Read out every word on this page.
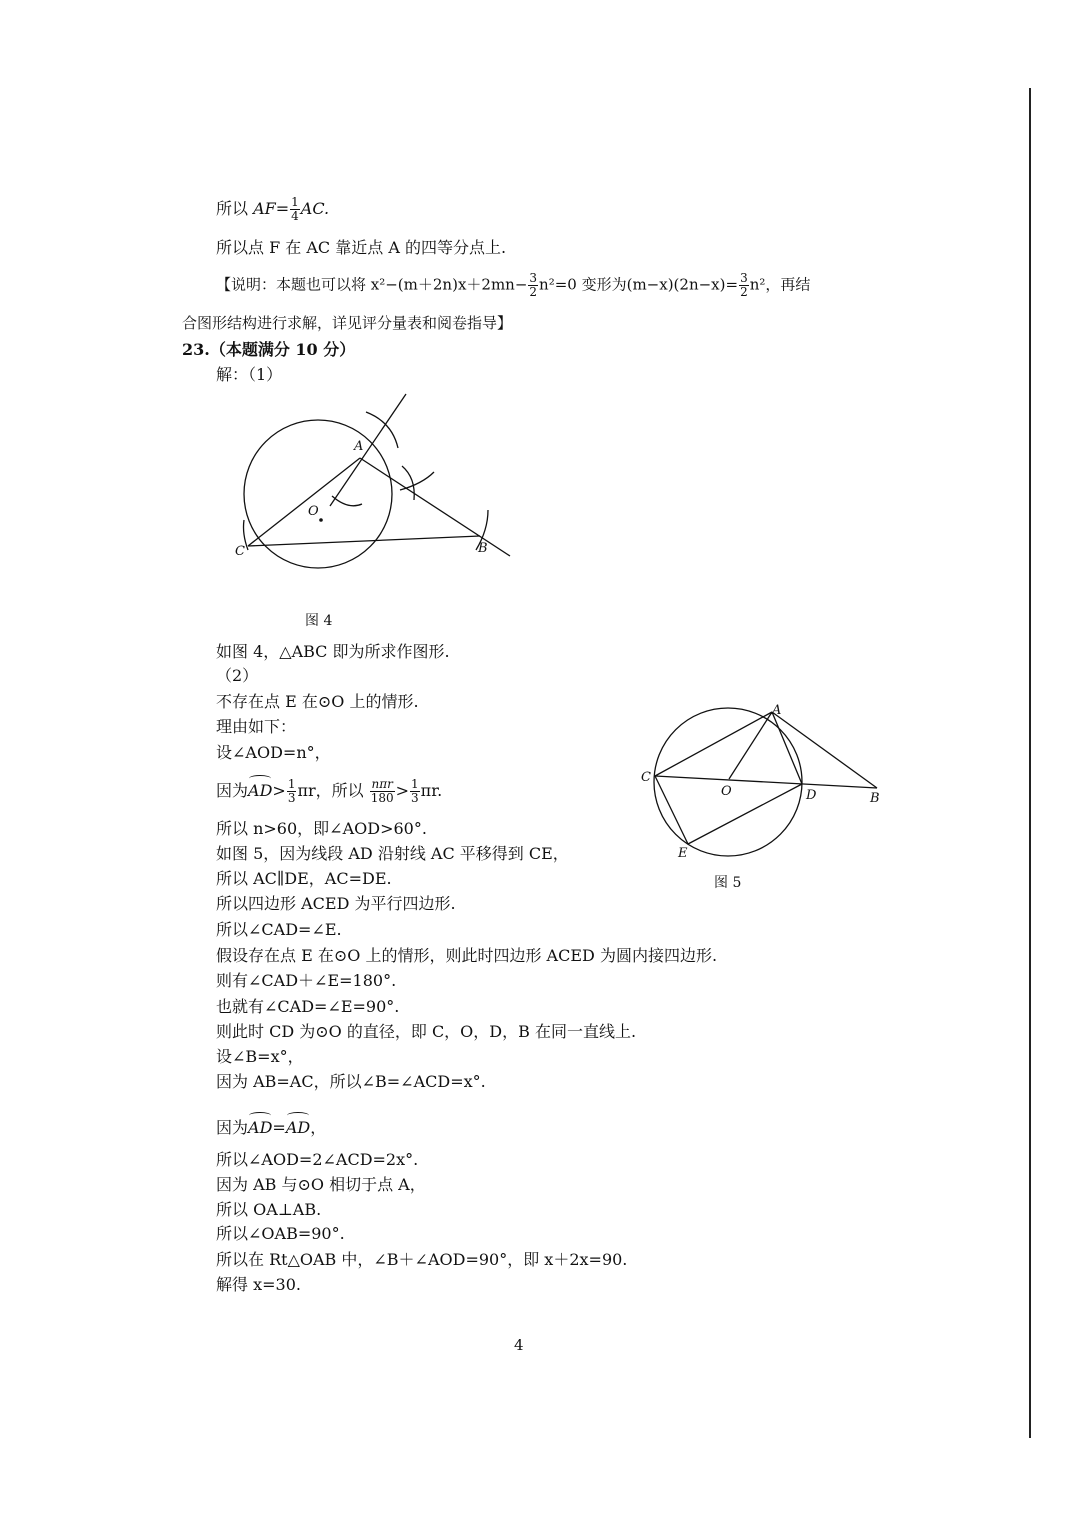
所以 $AF= \frac{1}{4}$ AC.
所以点 F 在 AC 靠近点 A 的四等分点上.
【说明：本题也可以将 $x^2-(m+2n)x+2mn- \frac{3}{2} n^2=0$ 变形为$(m-x)(2n-x)= \frac{3}{2} n^2$，再结
合图形结构进行求解，详见评分量表和阅卷指导】
23.（本题满分 10 分）
解：（1）
A
O
C	B
图 4
如图 4，△ABC 即为所求作图形.
（2）
不存在点 E 在⊙O 上的情形.
理由如下：
设∠AOD=n°，
因为$AD> \frac{1}{3}$ πr，所以 $\frac{\text{nπr}}{180} > \frac{1}{3} \pi r$.
所以 n>60，即∠AOD>60°.
如图 5，因为线段 AD 沿射线 AC 平移得到 CE，
所以 AC∥DE，AC=DE.
所以四边形 ACED 为平行四边形.
所以∠CAD=∠E.
假设存在点 E 在⊙O 上的情形，则此时四边形 ACED 为圆内接四边形.
则有∠CAD＋∠E=180°.
也就有∠CAD=∠E=90°.
则此时 CD 为⊙O 的直径，即 C，O，D，B 在同一直线上.
设∠B=x°，
因为 AB=AC，所以∠B=∠ACD=x°.
A
C
O	D	B
E
图 5
因为AD=AD，
所以∠AOD=2∠ACD=2x°.
因为 AB 与⊙O 相切于点 A，
所以 OA⊥AB.
所以∠OAB=90°.
所以在 Rt△OAB 中，∠B＋∠AOD=90°，即 x＋2x=90.
解得 x=30.
4
